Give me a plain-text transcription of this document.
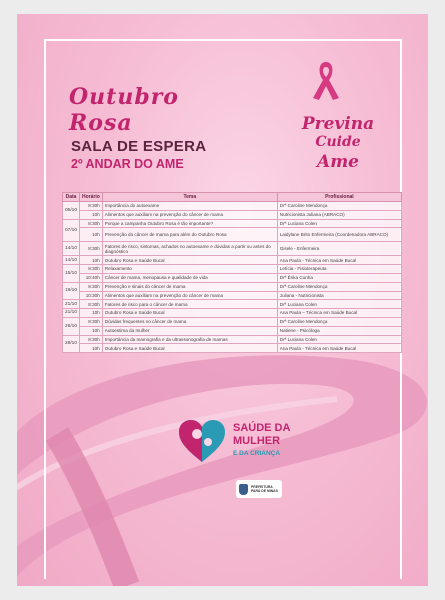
Outubro Rosa
SALA DE ESPERA
2º ANDAR DO AME
Previna
Cuide
Ame
Data	Horário	Tema	Profissional
05/10	8:30h	Importância do autoexame	Drª Caroline Mendonça
	10h	Alimentos que auxiliam na prevenção do câncer de mama	Nutricionista Juliana (ABRACO)
07/10	8:30h	Porque a campanha Outubro Rosa é tão importante?	Drª Luciana Colen
	10h	Prevenção do câncer de mama para além do Outubro Rosa	Laidylane Brito Enfermeira (Coordenadora ABRACO)
14/10	8:30h	Fatores de risco, sintomas, achados no autoexame e dúvidas a partir ou antes do diagnóstico	Gisele - Enfermeira
14/10	10h	Outubro Rosa e Saúde Bucal	Ana Paula - Técnica em Saúde Bucal
15/10	8:30h	Relaxamento	Letícia - Fisioterapeuta
	10:40h	Câncer de mama, menopausa e qualidade de vida	Drª Érika Cunha
19/10	8:30h	Prevenção e sinais do câncer de mama	Drª Caroline Mendonça
	10:30h	Alimentos que auxiliam na prevenção do câncer de mama	Juliana - Nutricionista
21/10	8:30h	Fatores de risco para o câncer de mama	Drª Luciana Colen
21/10	10h	Outubro Rosa e Saúde Bucal	Ana Paula – Técnica em Saúde Bucal
26/10	8:30h	Dúvidas frequentes no câncer de mama	Drª Caroline Mendonça
	10h	Autoestima da mulher	Natiene - Psicóloga
28/10	8:30h	Importância da mamografia e da ultrassonografia de mamas	Drª Luciana Colen
	10h	Outubro Rosa e Saúde Bucal	Ana Paula - Técnica em Saúde Bucal
SAÚDE DA
MULHER
E DA CRIANÇA
PREFEITURA
PARÁ DE MINAS
